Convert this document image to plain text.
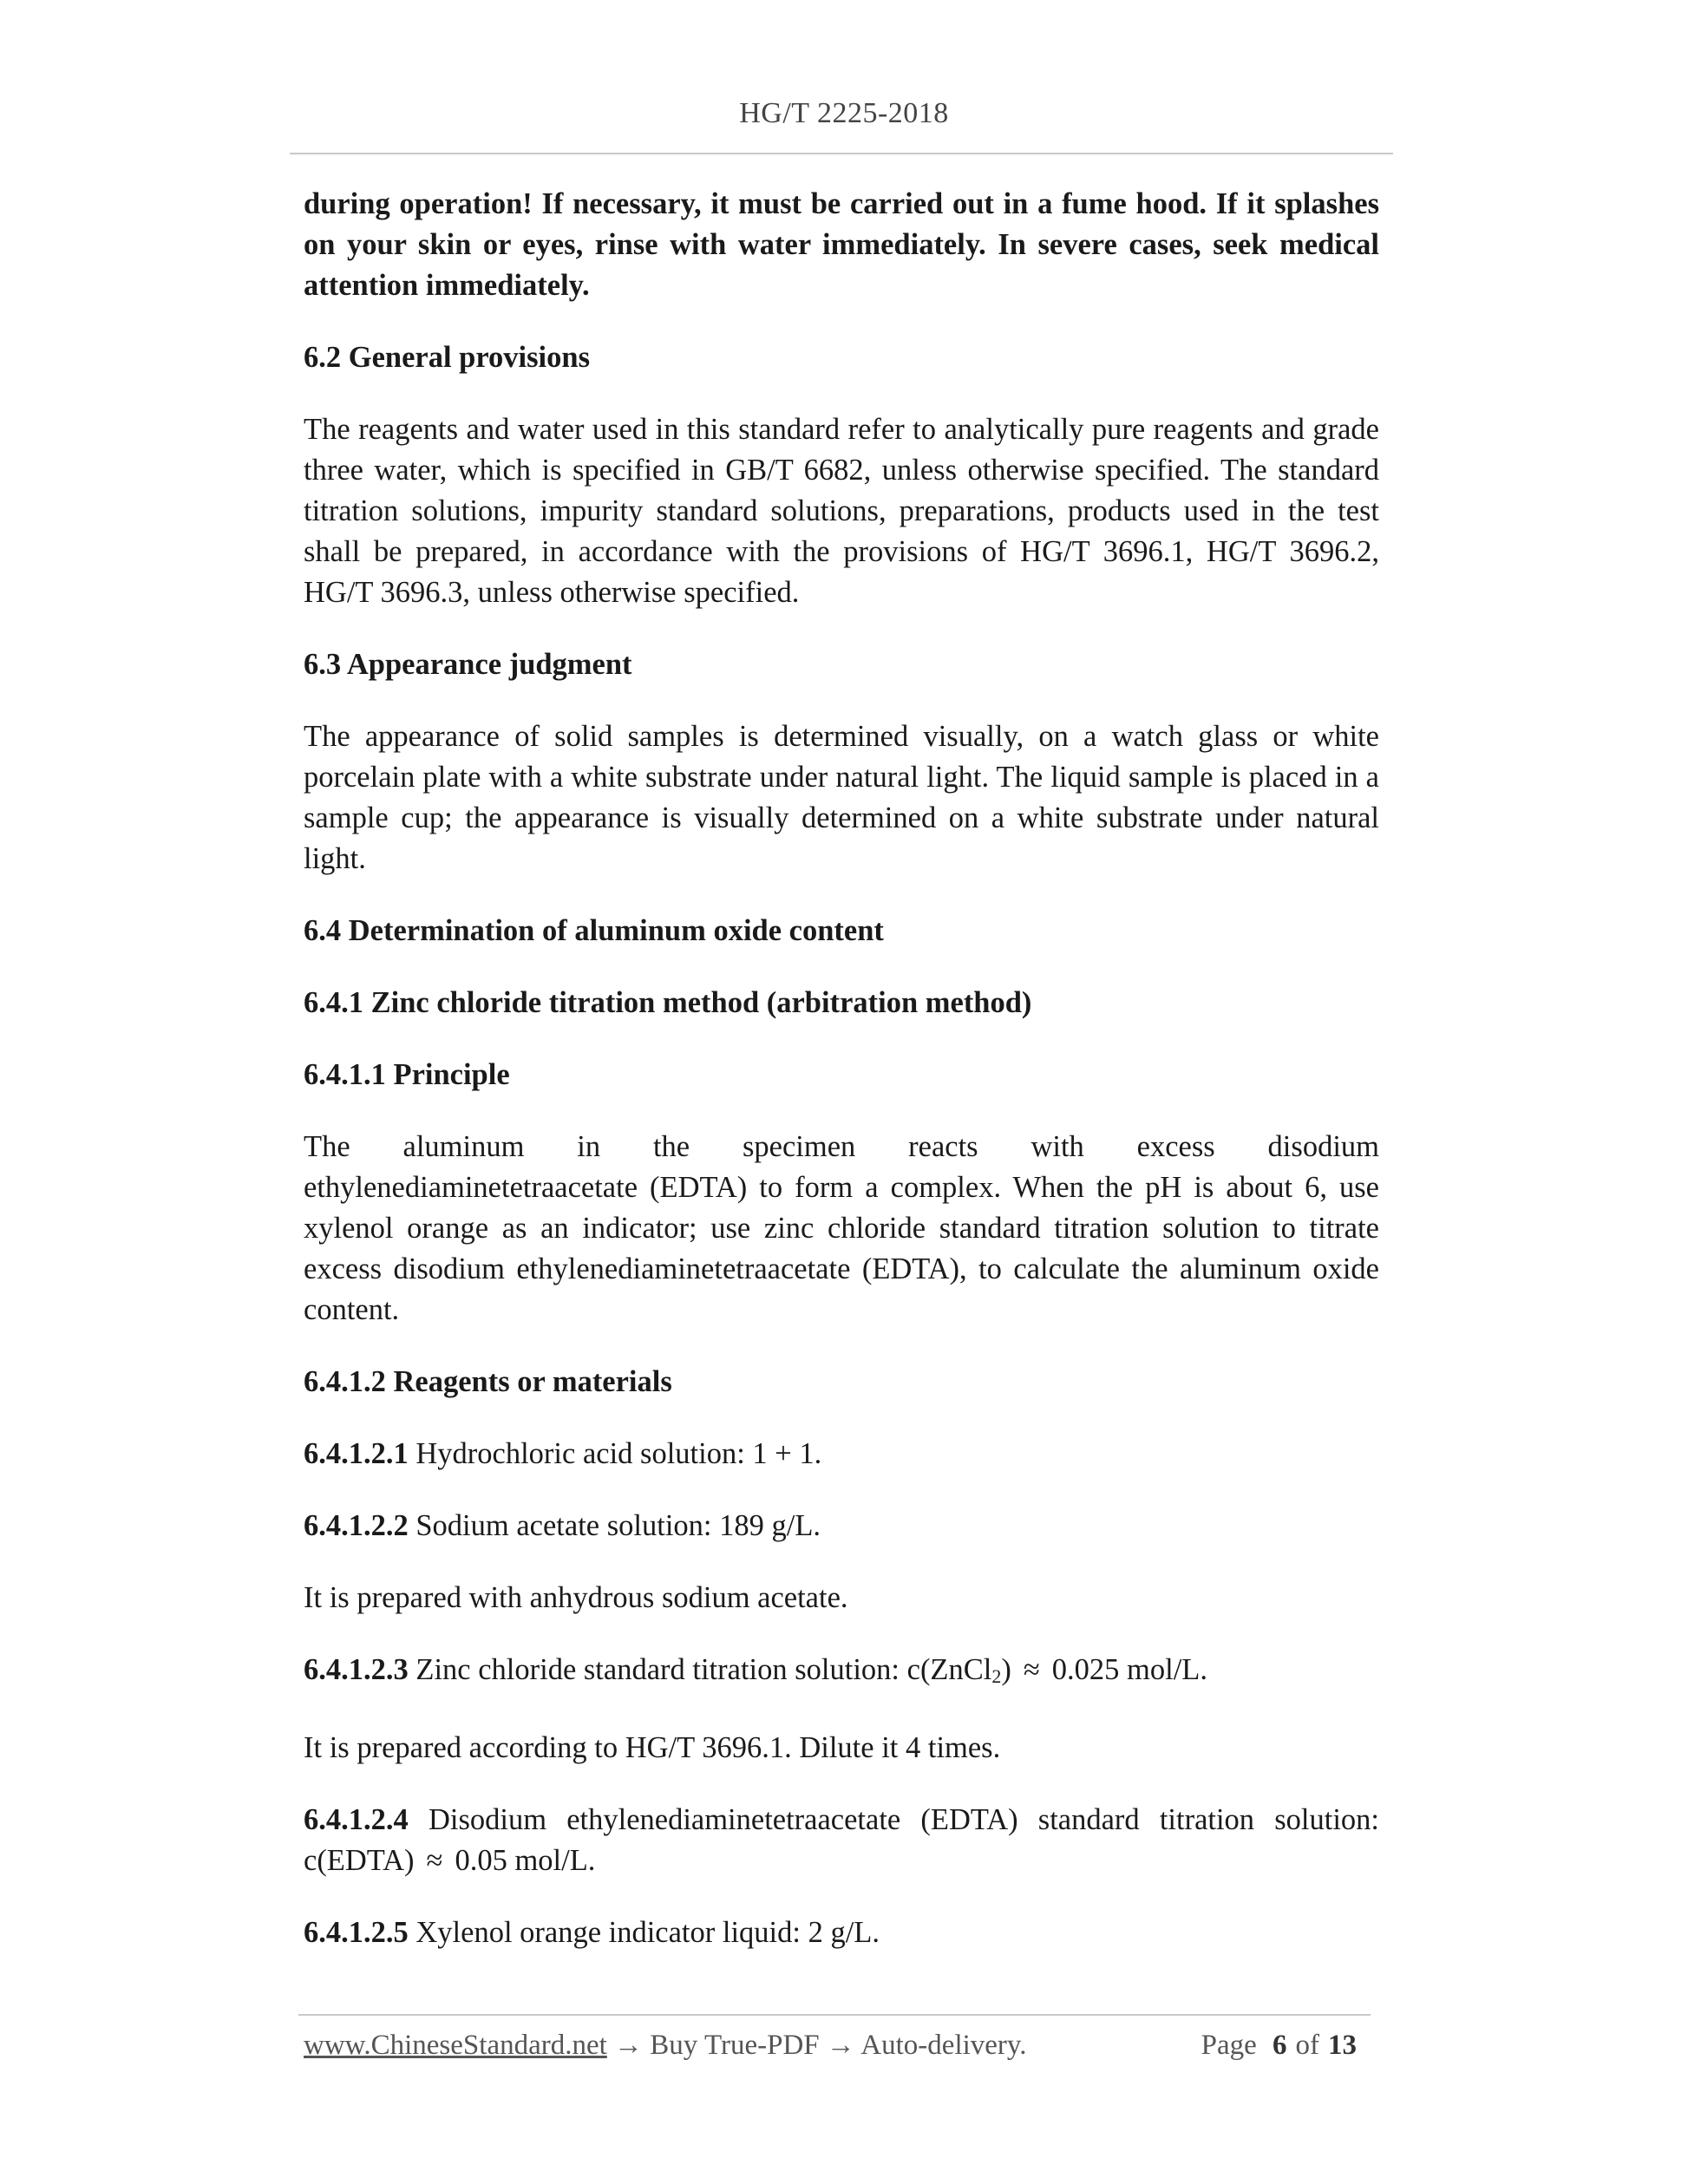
HG/T 2225-2018

during operation! If necessary, it must be carried out in a fume hood. If it splashes on your skin or eyes, rinse with water immediately. In severe cases, seek medical attention immediately.

6.2 General provisions

The reagents and water used in this standard refer to analytically pure reagents and grade three water, which is specified in GB/T 6682, unless otherwise specified. The standard titration solutions, impurity standard solutions, preparations, products used in the test shall be prepared, in accordance with the provisions of HG/T 3696.1, HG/T 3696.2, HG/T 3696.3, unless otherwise specified.

6.3 Appearance judgment

The appearance of solid samples is determined visually, on a watch glass or white porcelain plate with a white substrate under natural light. The liquid sample is placed in a sample cup; the appearance is visually determined on a white substrate under natural light.

6.4 Determination of aluminum oxide content

6.4.1 Zinc chloride titration method (arbitration method)

6.4.1.1 Principle

The aluminum in the specimen reacts with excess disodium
ethylenediaminetetraacetate (EDTA) to form a complex. When the pH is about 6, use xylenol orange as an indicator; use zinc chloride standard titration solution to titrate excess disodium ethylenediaminetetraacetate (EDTA), to calculate the aluminum oxide content.

6.4.1.2 Reagents or materials

6.4.1.2.1 Hydrochloric acid solution: 1 + 1.

6.4.1.2.2 Sodium acetate solution: 189 g/L.

It is prepared with anhydrous sodium acetate.

6.4.1.2.3 Zinc chloride standard titration solution: c(ZnCl2) ≈ 0.025 mol/L.

It is prepared according to HG/T 3696.1. Dilute it 4 times.

6.4.1.2.4 Disodium ethylenediaminetetraacetate (EDTA) standard titration solution: c(EDTA) ≈ 0.05 mol/L.

6.4.1.2.5 Xylenol orange indicator liquid: 2 g/L.

www.ChineseStandard.net → Buy True-PDF → Auto-delivery.	Page 6 of 13
